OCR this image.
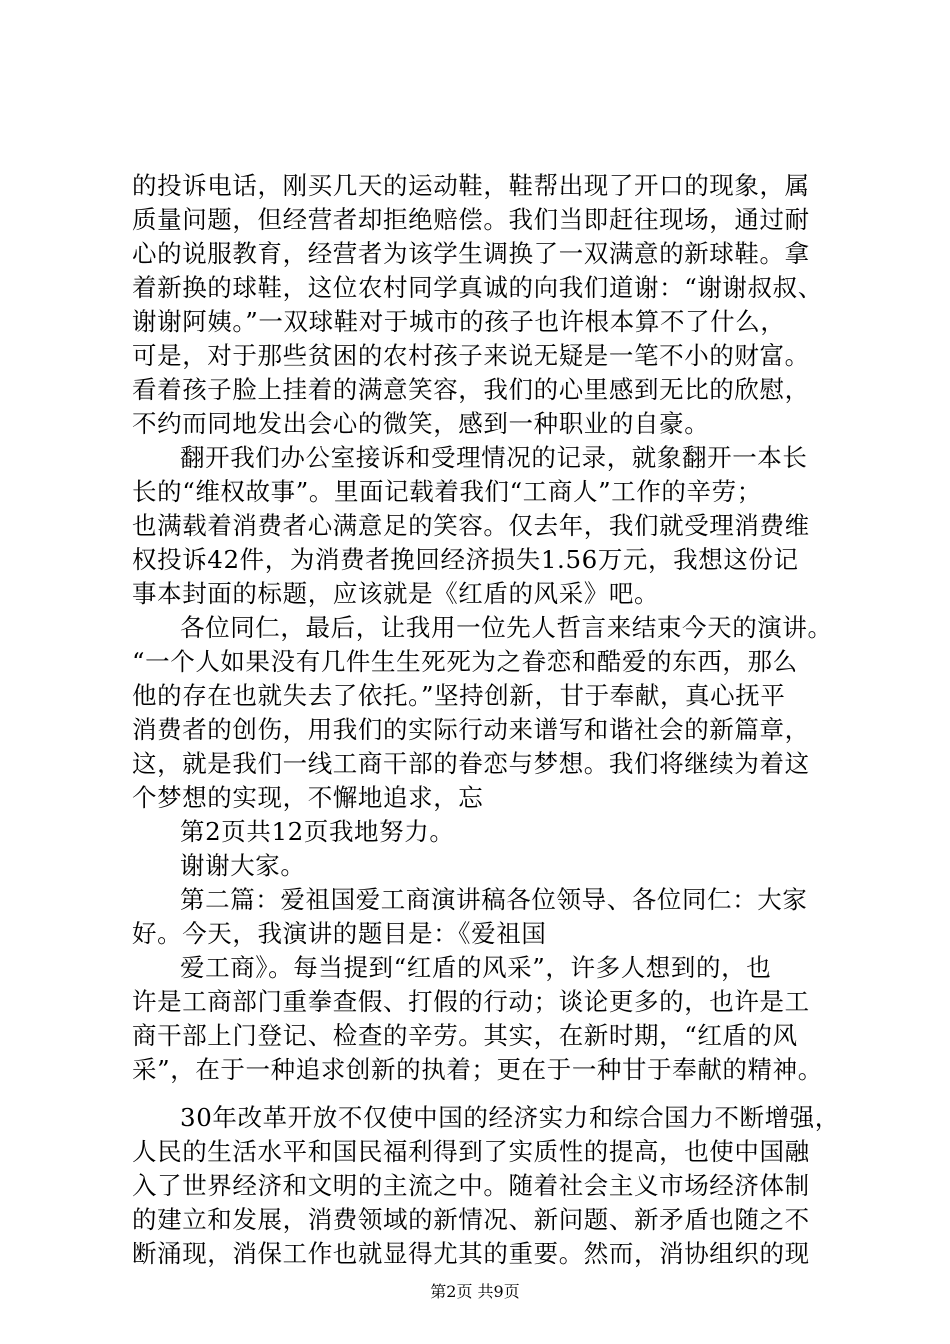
的投诉电话，刚买几天的运动鞋，鞋帮出现了开口的现象，属
质量问题，但经营者却拒绝赔偿。我们当即赶往现场，通过耐
心的说服教育，经营者为该学生调换了一双满意的新球鞋。拿
着新换的球鞋，这位农村同学真诚的向我们道谢：“谢谢叔叔、
谢谢阿姨。”一双球鞋对于城市的孩子也许根本算不了什么，
可是，对于那些贫困的农村孩子来说无疑是一笔不小的财富。
看着孩子脸上挂着的满意笑容，我们的心里感到无比的欣慰，
不约而同地发出会心的微笑，感到一种职业的自豪。
翻开我们办公室接诉和受理情况的记录，就象翻开一本长
长的“维权故事”。里面记载着我们“工商人”工作的辛劳；
也满载着消费者心满意足的笑容。仅去年，我们就受理消费维
权投诉42件，为消费者挽回经济损失1.56万元，我想这份记
事本封面的标题，应该就是《红盾的风采》吧。
各位同仁，最后，让我用一位先人哲言来结束今天的演讲。
“一个人如果没有几件生生死死为之眷恋和酷爱的东西，那么
他的存在也就失去了依托。”坚持创新，甘于奉献，真心抚平
消费者的创伤，用我们的实际行动来谱写和谐社会的新篇章，
这，就是我们一线工商干部的眷恋与梦想。我们将继续为着这
个梦想的实现，不懈地追求，忘
第2页共12页我地努力。
谢谢大家。
第二篇：爱祖国爱工商演讲稿各位领导、各位同仁：大家
好。今天，我演讲的题目是：《爱祖国
爱工商》。每当提到“红盾的风采”，许多人想到的，也
许是工商部门重拳查假、打假的行动；谈论更多的，也许是工
商干部上门登记、检查的辛劳。其实，在新时期，“红盾的风
采”，在于一种追求创新的执着；更在于一种甘于奉献的精神。
30年改革开放不仅使中国的经济实力和综合国力不断增强，
人民的生活水平和国民福利得到了实质性的提高，也使中国融
入了世界经济和文明的主流之中。随着社会主义市场经济体制
的建立和发展，消费领域的新情况、新问题、新矛盾也随之不
断涌现，消保工作也就显得尤其的重要。然而，消协组织的现
第2页 共9页
